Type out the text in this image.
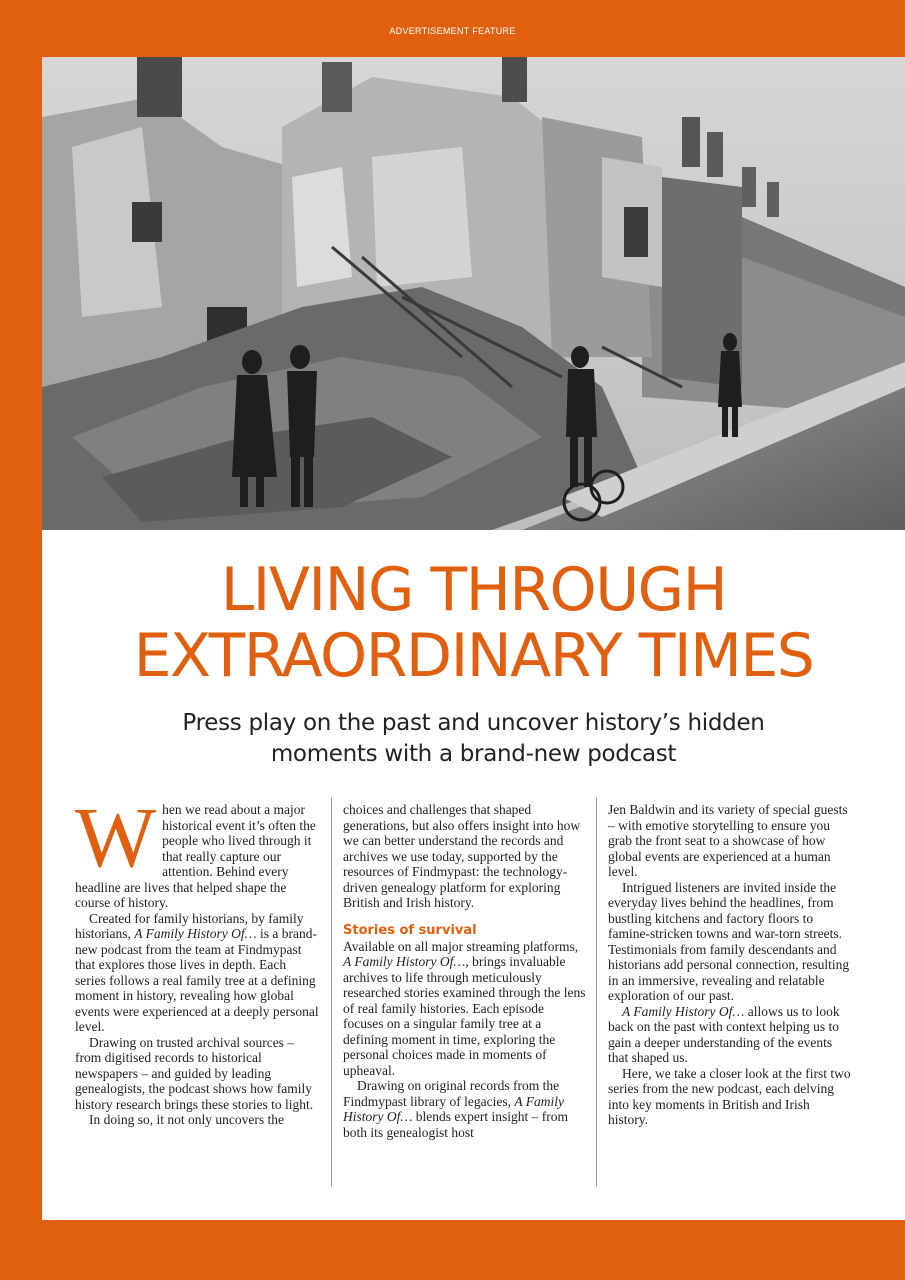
ADVERTISEMENT FEATURE
LIVING THROUGH
EXTRAORDINARY TIMES

Press play on the past and uncover history’s hidden
moments with a brand-new podcast

When we read about a major historical event it’s often the people who lived through it that really capture our attention. Behind every headline are lives that helped shape the course of history.

Created for family historians, by family historians, A Family History Of… is a brand-new podcast from the team at Findmypast that explores those lives in depth. Each series follows a real family tree at a defining moment in history, revealing how global events were experienced at a deeply personal level.

Drawing on trusted archival sources – from digitised records to historical newspapers – and guided by leading genealogists, the podcast shows how family history research brings these stories to light.

In doing so, it not only uncovers the

choices and challenges that shaped generations, but also offers insight into how we can better understand the records and archives we use today, supported by the resources of Findmypast: the technology-driven genealogy platform for exploring British and Irish history.

Stories of survival

Available on all major streaming platforms, A Family History Of…, brings invaluable archives to life through meticulously researched stories examined through the lens of real family histories. Each episode focuses on a singular family tree at a defining moment in time, exploring the personal choices made in moments of upheaval.

Drawing on original records from the Findmypast library of legacies, A Family History Of… blends expert insight – from both its genealogist host

Jen Baldwin and its variety of special guests – with emotive storytelling to ensure you grab the front seat to a showcase of how global events are experienced at a human level.

Intrigued listeners are invited inside the everyday lives behind the headlines, from bustling kitchens and factory floors to famine-stricken towns and war-torn streets. Testimonials from family descendants and historians add personal connection, resulting in an immersive, revealing and relatable exploration of our past.

A Family History Of… allows us to look back on the past with context helping us to gain a deeper understanding of the events that shaped us.

Here, we take a closer look at the first two series from the new podcast, each delving into key moments in British and Irish history.
